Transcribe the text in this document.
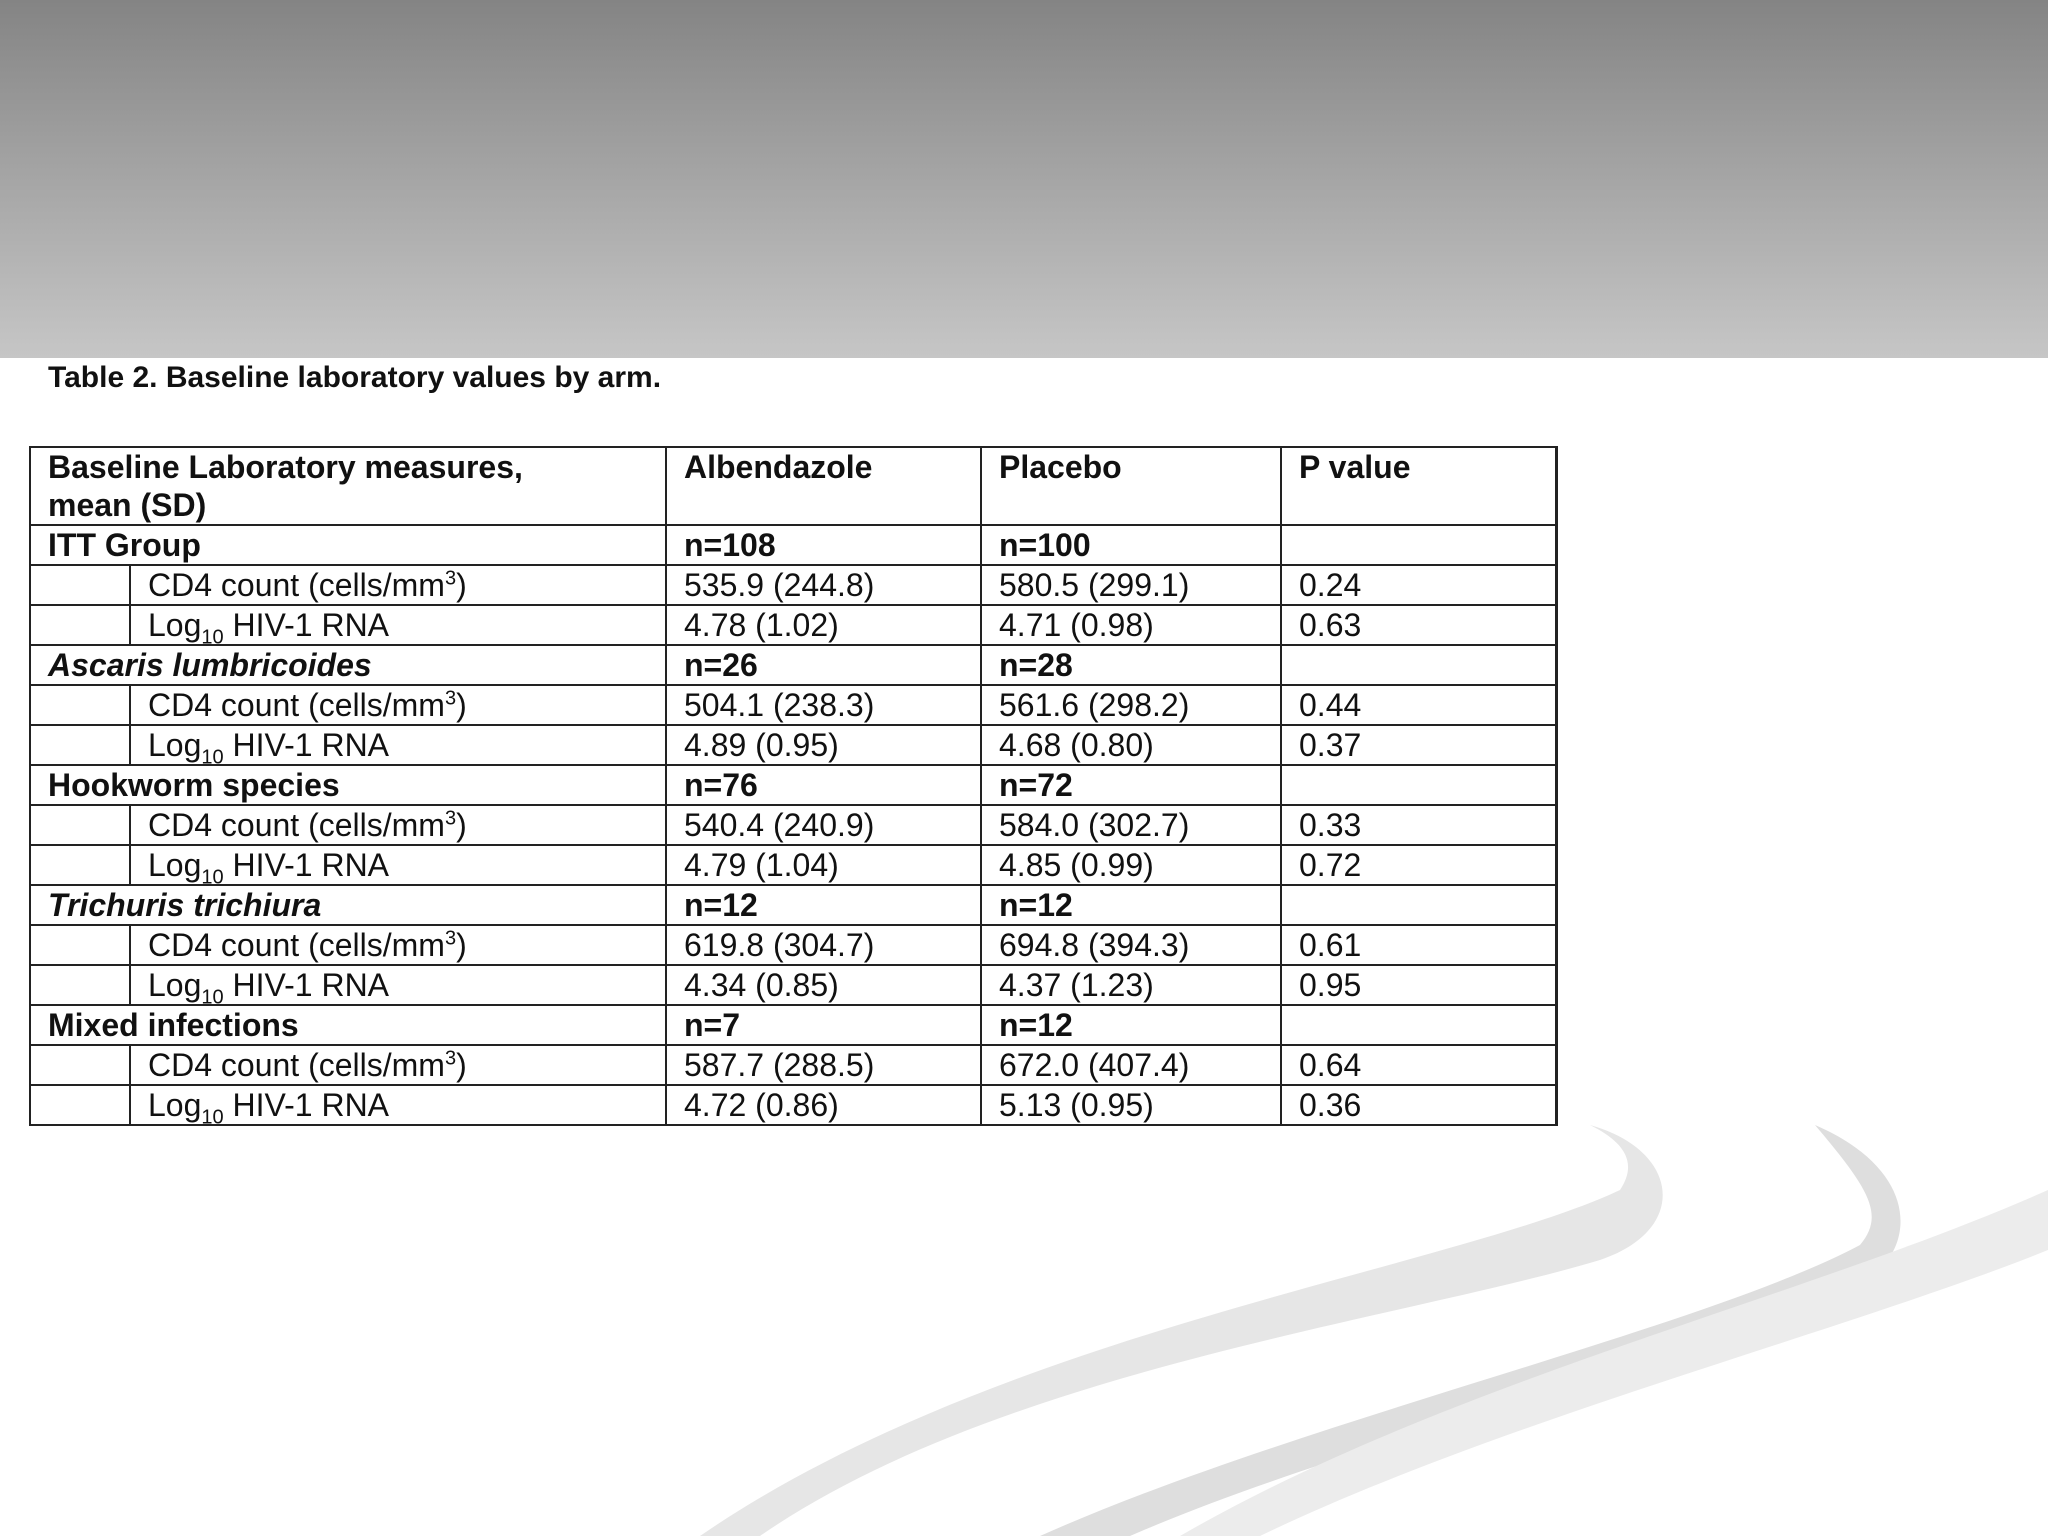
Table 2. Baseline laboratory values by arm.
Baseline Laboratory measures,
mean (SD)		Albendazole	Placebo	P value
ITT Group		n=108	n=100	
	CD4 count $(cells/mm^3)$	535.9 (244.8)	580.5 (299.1)	0.24
	Log$_{10}$ HIV-1 RNA	4.78 (1.02)	4.71 (0.98)	0.63
Ascaris lumbricoides		n=26	n=28	
	CD4 count $(cells/mm^3)$	504.1 (238.3)	561.6 (298.2)	0.44
	Log$_{10}$ HIV-1 RNA	4.89 (0.95)	4.68 (0.80)	0.37
Hookworm species		n=76	n=72	
	CD4 count $(cells/mm^3)$	540.4 (240.9)	584.0 (302.7)	0.33
	Log$_{10}$ HIV-1 RNA	4.79 (1.04)	4.85 (0.99)	0.72
Trichuris trichiura		n=12	n=12	
	CD4 count $(cells/mm^3)$	619.8 (304.7)	694.8 (394.3)	0.61
	Log$_{10}$ HIV-1 RNA	4.34 (0.85)	4.37 (1.23)	0.95
Mixed infections		n=7	n=12	
	CD4 count $(cells/mm^3)$	587.7 (288.5)	672.0 (407.4)	0.64
	Log$_{10}$ HIV-1 RNA	4.72 (0.86)	5.13 (0.95)	0.36
